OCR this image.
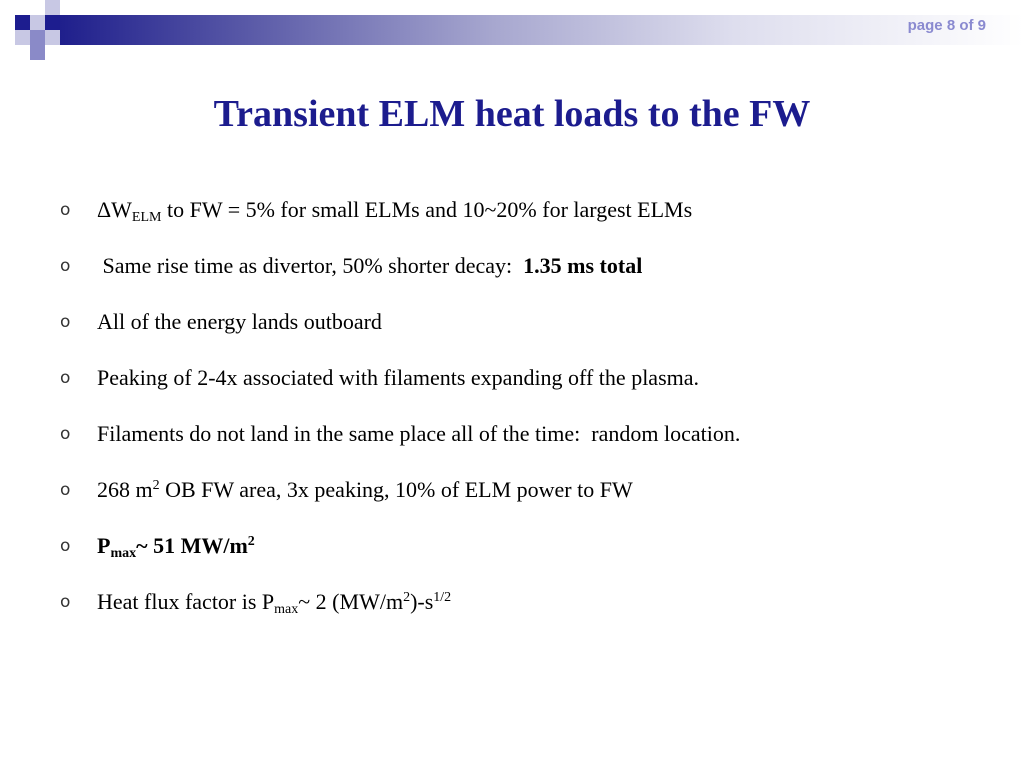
page 8 of 9
Transient ELM heat loads to the FW
o $\Delta W_{ELM}$ to FW = 5% for small ELMs and 10~20% for largest ELMs
o Same rise time as divertor, 50% shorter decay:  1.35 ms total
o All of the energy lands outboard
o Peaking of 2-4x associated with filaments expanding off the plasma.
o Filaments do not land in the same place all of the time:  random location.
o 268 $m^2$ OB FW area, 3x peaking, 10% of ELM power to FW
o $P_{max}\sim$ 51 $MW/m^2$
o Heat flux factor is $P_{max}\sim$ 2 $(MW/m^2)-s^{1/2}$
